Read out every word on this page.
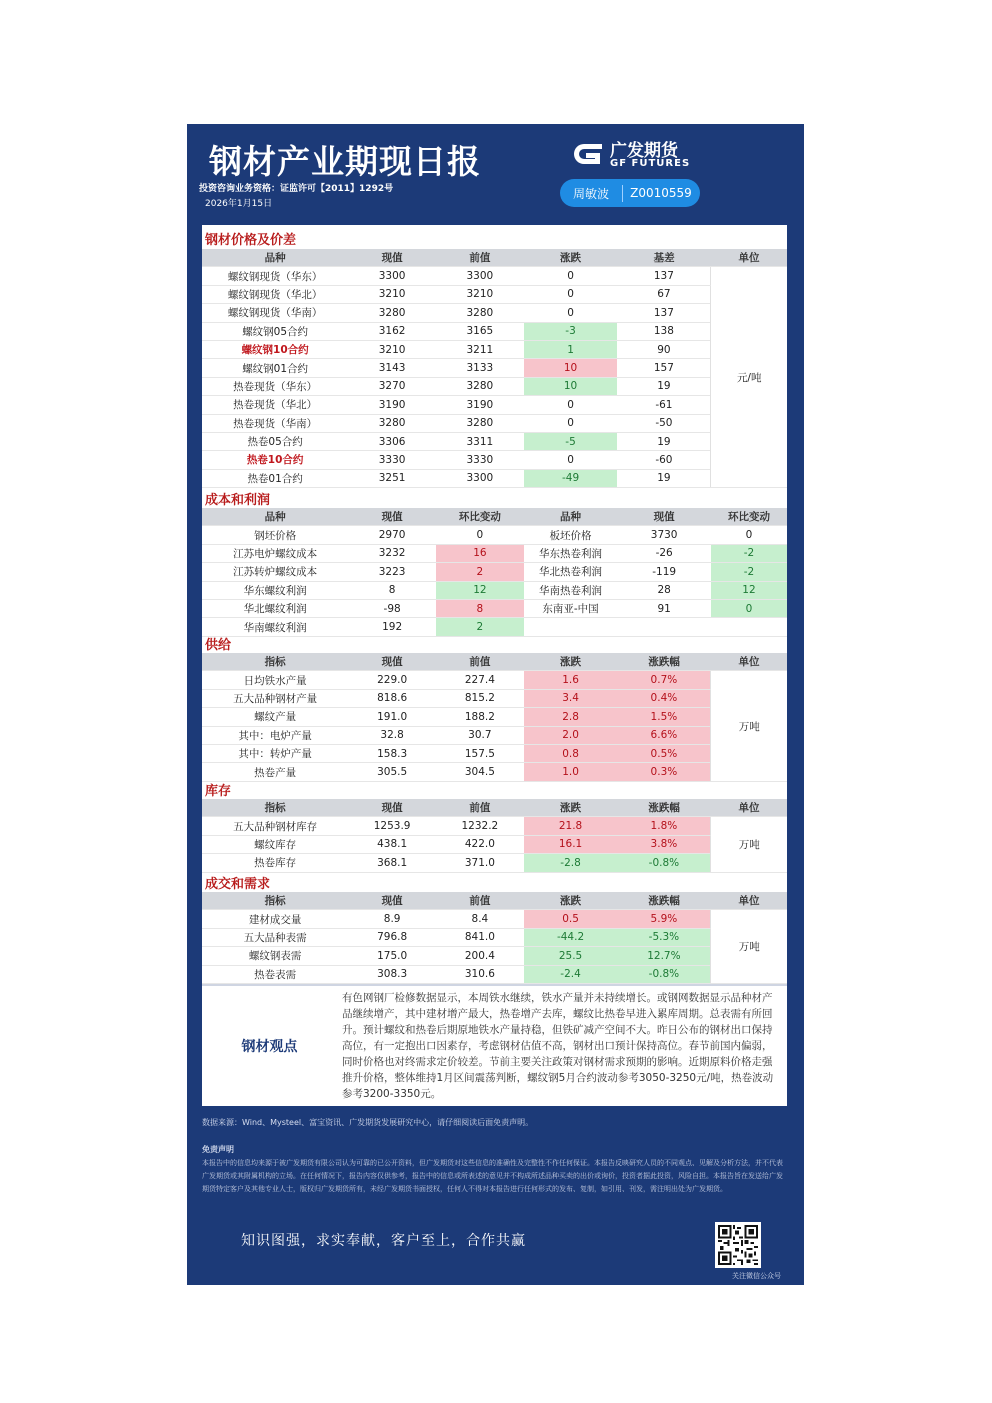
钢材产业期现日报
投资咨询业务资格：证监许可【2011】1292号
2026年1月15日
广发期货
GF FUTURES
周敏波	Z0010559
钢材价格及价差
品种	现值	前值	涨跌	基差	单位
螺纹钢现货（华东）	3300	3300	0	137	元/吨
螺纹钢现货（华北）	3210	3210	0	67	
螺纹钢现货（华南）	3280	3280	0	137	
螺纹钢05合约	3162	3165	-3	138	
螺纹钢10合约	3210	3211	1	90	
螺纹钢01合约	3143	3133	10	157	
热卷现货（华东）	3270	3280	10	19	
热卷现货（华北）	3190	3190	0	-61	
热卷现货（华南）	3280	3280	0	-50	
热卷05合约	3306	3311	-5	19	
热卷10合约	3330	3330	0	-60	
热卷01合约	3251	3300	-49	19	
成本和利润
品种	现值	环比变动	品种	现值	环比变动
钢坯价格	2970	0	板坯价格	3730	0
江苏电炉螺纹成本	3232	16	华东热卷利润	-26	-2
江苏转炉螺纹成本	3223	2	华北热卷利润	-119	-2
华东螺纹利润	8	12	华南热卷利润	28	12
华北螺纹利润	-98	8	东南亚-中国	91	0
华南螺纹利润	192	2			
供给
指标	现值	前值	涨跌	涨跌幅	单位
日均铁水产量	229.0	227.4	1.6	0.7%	万吨
五大品种钢材产量	818.6	815.2	3.4	0.4%	
螺纹产量	191.0	188.2	2.8	1.5%	
其中：电炉产量	32.8	30.7	2.0	6.6%	
其中：转炉产量	158.3	157.5	0.8	0.5%	
热卷产量	305.5	304.5	1.0	0.3%	
库存
指标	现值	前值	涨跌	涨跌幅	单位
五大品种钢材库存	1253.9	1232.2	21.8	1.8%	万吨
螺纹库存	438.1	422.0	16.1	3.8%	
热卷库存	368.1	371.0	-2.8	-0.8%	
成交和需求
指标	现值	前值	涨跌	涨跌幅	单位
建材成交量	8.9	8.4	0.5	5.9%	万吨
五大品种表需	796.8	841.0	-44.2	-5.3%	
螺纹钢表需	175.0	200.4	25.5	12.7%	
热卷表需	308.3	310.6	-2.4	-0.8%	
钢材观点
有色网钢厂检修数据显示，本周铁水继续，铁水产量并未持续增长。或钢网数据显示品种材产品继续增产，其中建材增产最大，热卷增产去库，螺纹比热卷早进入累库周期。总表需有所回升。预计螺纹和热卷后期原地铁水产量持稳，但铁矿减产空间不大。昨日公布的钢材出口保持高位，有一定抱出口因素存，考虑钢材估值不高，钢材出口预计保持高位。春节前国内偏弱，同时价格也对终需求定价较差。节前主要关注政策对钢材需求预期的影响。近期原料价格走强推升价格，整体维持1月区间震荡判断，螺纹钢5月合约波动参考3050-3250元/吨，热卷波动参考3200-3350元。
数据来源：Wind、Mysteel、富宝资讯、广发期货发展研究中心，请仔细阅读后面免责声明。
免责声明
本报告中的信息均来源于被广发期货有限公司认为可靠的已公开资料，但广发期货对这些信息的准确性及完整性不作任何保证。本报告反映研究人员的不同观点、见解及分析方法，并不代表广发期货或其附属机构的立场。在任何情况下，报告内容仅供参考，报告中的信息或所表述的意见并不构成所述品种买卖的出价或询价，投资者据此投资，风险自担。本报告旨在发送给广发期货特定客户及其他专业人士，版权归广发期货所有，未经广发期货书面授权，任何人不得对本报告进行任何形式的发布、复制，如引用、刊发，需注明出处为广发期货。
知识图强，求实奉献，客户至上，合作共赢
关注微信公众号
